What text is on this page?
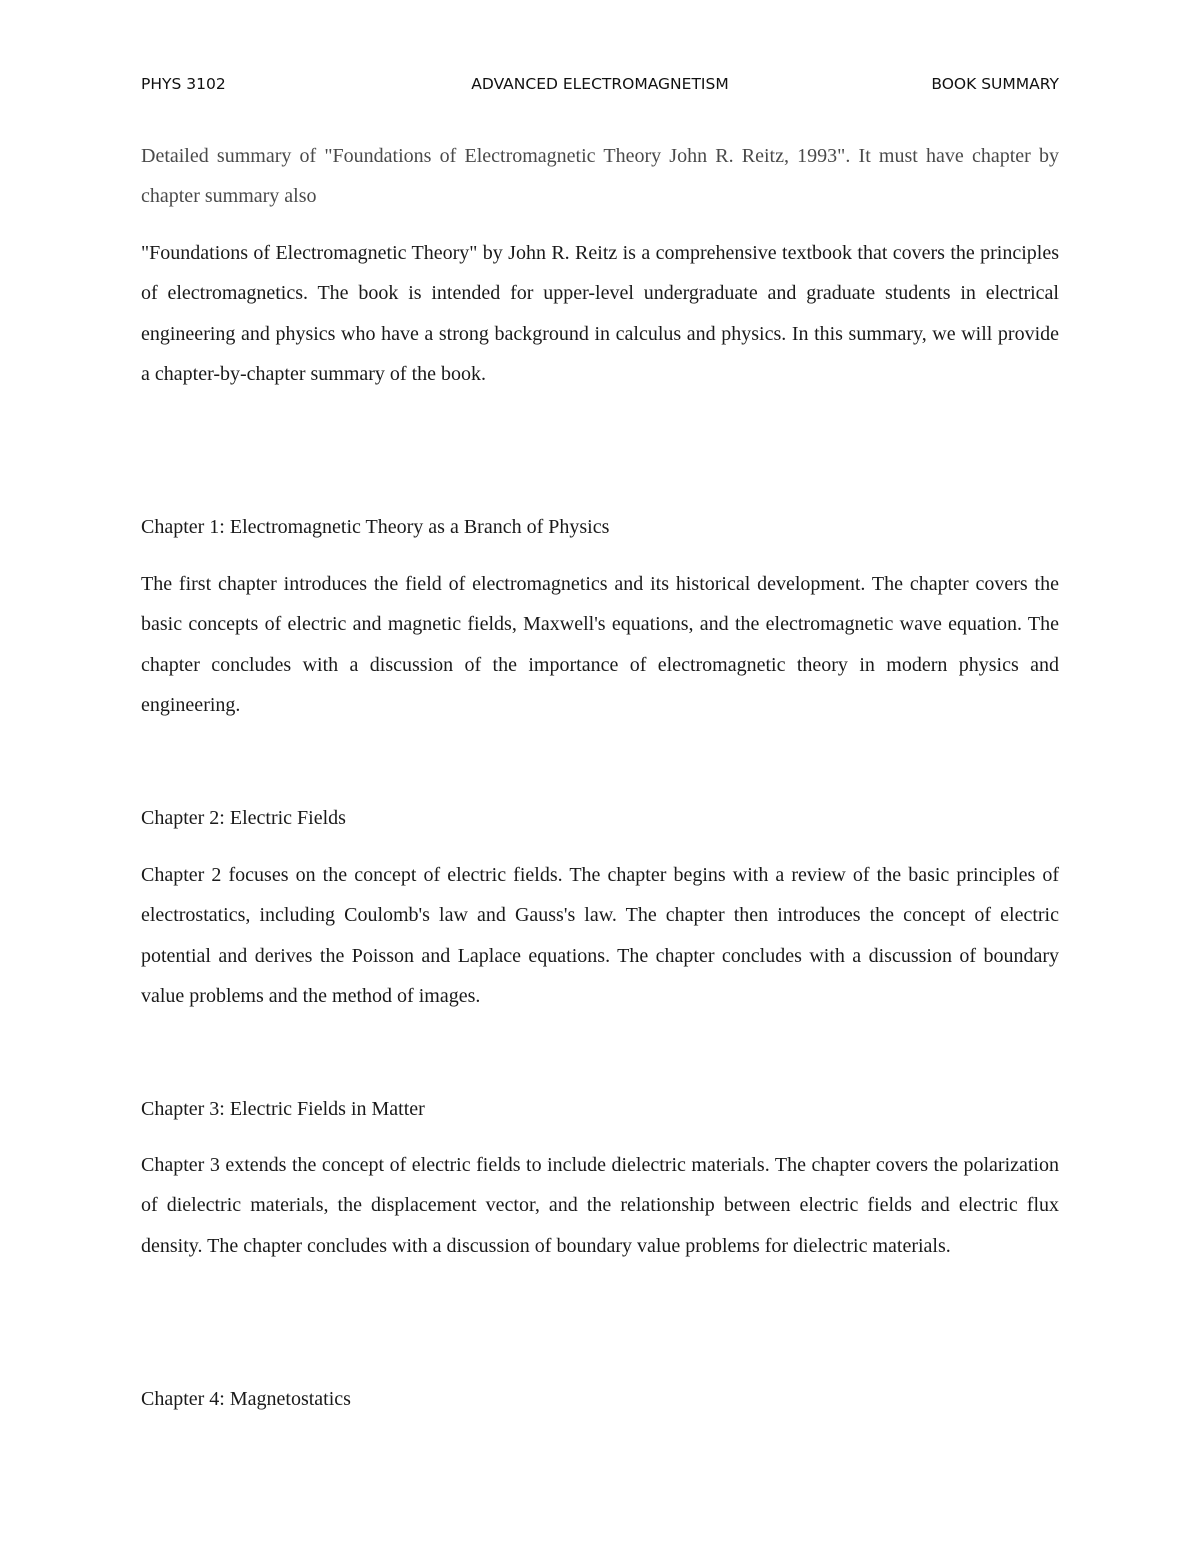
PHYS 3102	ADVANCED ELECTROMAGNETISM	BOOK SUMMARY

Detailed summary of "Foundations of Electromagnetic Theory John R. Reitz, 1993". It must have chapter by chapter summary also

"Foundations of Electromagnetic Theory" by John R. Reitz is a comprehensive textbook that covers the principles of electromagnetics. The book is intended for upper-level undergraduate and graduate students in electrical engineering and physics who have a strong background in calculus and physics. In this summary, we will provide a chapter-by-chapter summary of the book.

Chapter 1: Electromagnetic Theory as a Branch of Physics

The first chapter introduces the field of electromagnetics and its historical development. The chapter covers the basic concepts of electric and magnetic fields, Maxwell's equations, and the electromagnetic wave equation. The chapter concludes with a discussion of the importance of electromagnetic theory in modern physics and engineering.

Chapter 2: Electric Fields

Chapter 2 focuses on the concept of electric fields. The chapter begins with a review of the basic principles of electrostatics, including Coulomb's law and Gauss's law. The chapter then introduces the concept of electric potential and derives the Poisson and Laplace equations. The chapter concludes with a discussion of boundary value problems and the method of images.

Chapter 3: Electric Fields in Matter

Chapter 3 extends the concept of electric fields to include dielectric materials. The chapter covers the polarization of dielectric materials, the displacement vector, and the relationship between electric fields and electric flux density. The chapter concludes with a discussion of boundary value problems for dielectric materials.

Chapter 4: Magnetostatics
